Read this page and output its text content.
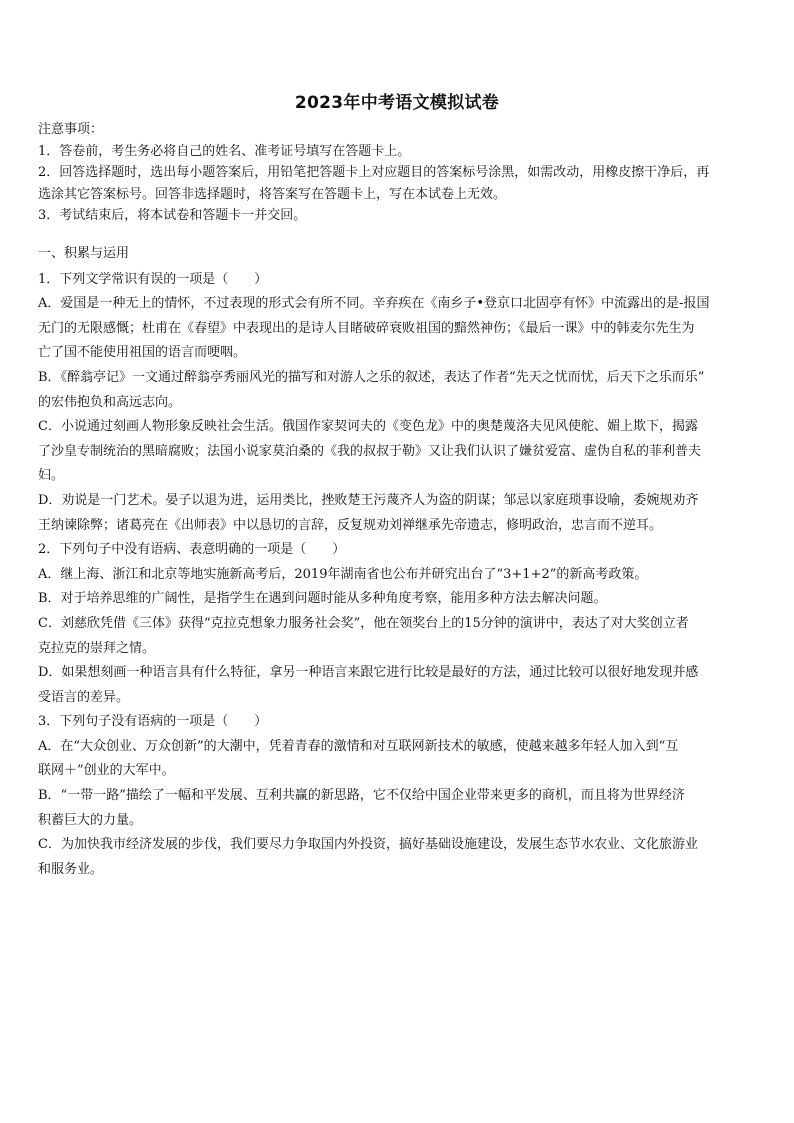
2023年中考语文模拟试卷
注意事项：
1．答卷前，考生务必将自己的姓名、准考证号填写在答题卡上。
2．回答选择题时，选出每小题答案后，用铅笔把答题卡上对应题目的答案标号涂黑，如需改动，用橡皮擦干净后，再
选涂其它答案标号。回答非选择题时，将答案写在答题卡上，写在本试卷上无效。
3．考试结束后，将本试卷和答题卡一并交回。
一、积累与运用
1．下列文学常识有误的一项是（　　）
A．爱国是一种无上的情怀，不过表现的形式会有所不同。辛弃疾在《南乡子•登京口北固亭有怀》中流露出的是-报国
无门的无限感慨；杜甫在《春望》中表现出的是诗人目睹破碎衰败祖国的黯然神伤；《最后一课》中的韩麦尔先生为
亡了国不能使用祖国的语言而哽咽。
B．《醉翁亭记》一文通过醉翁亭秀丽风光的描写和对游人之乐的叙述，表达了作者“先天之忧而忧，后天下之乐而乐”
的宏伟抱负和高远志向。
C．小说通过刻画人物形象反映社会生活。俄国作家契诃夫的《变色龙》中的奥楚蔑洛夫见风使舵、媚上欺下，揭露
了沙皇专制统治的黑暗腐败；法国小说家莫泊桑的《我的叔叔于勒》又让我们认识了嫌贫爱富、虚伪自私的菲利普夫
妇。
D．劝说是一门艺术。晏子以退为进，运用类比，挫败楚王污蔑齐人为盗的阴谋；邹忌以家庭琐事设喻，委婉规劝齐
王纳谏除弊；诸葛亮在《出师表》中以恳切的言辞，反复规劝刘禅继承先帝遗志，修明政治，忠言而不逆耳。
2．下列句子中没有语病、表意明确的一项是（　　）
A．继上海、浙江和北京等地实施新高考后，2019年湖南省也公布并研究出台了“3+1+2”的新高考政策。
B．对于培养思维的广阔性，是指学生在遇到问题时能从多种角度考察，能用多种方法去解决问题。
C．刘慈欣凭借《三体》获得“克拉克想象力服务社会奖”，他在领奖台上的15分钟的演讲中，表达了对大奖创立者
克拉克的崇拜之情。
D．如果想刻画一种语言具有什么特征，拿另一种语言来跟它进行比较是最好的方法，通过比较可以很好地发现并感
受语言的差异。
3．下列句子没有语病的一项是（　　）
A．在“大众创业、万众创新”的大潮中，凭着青春的激情和对互联网新技术的敏感，使越来越多年轻人加入到“互
联网＋”创业的大军中。
B．“一带一路”描绘了一幅和平发展、互利共赢的新思路，它不仅给中国企业带来更多的商机，而且将为世界经济
积蓄巨大的力量。
C．为加快我市经济发展的步伐，我们要尽力争取国内外投资，搞好基础设施建设，发展生态节水农业、文化旅游业
和服务业。
